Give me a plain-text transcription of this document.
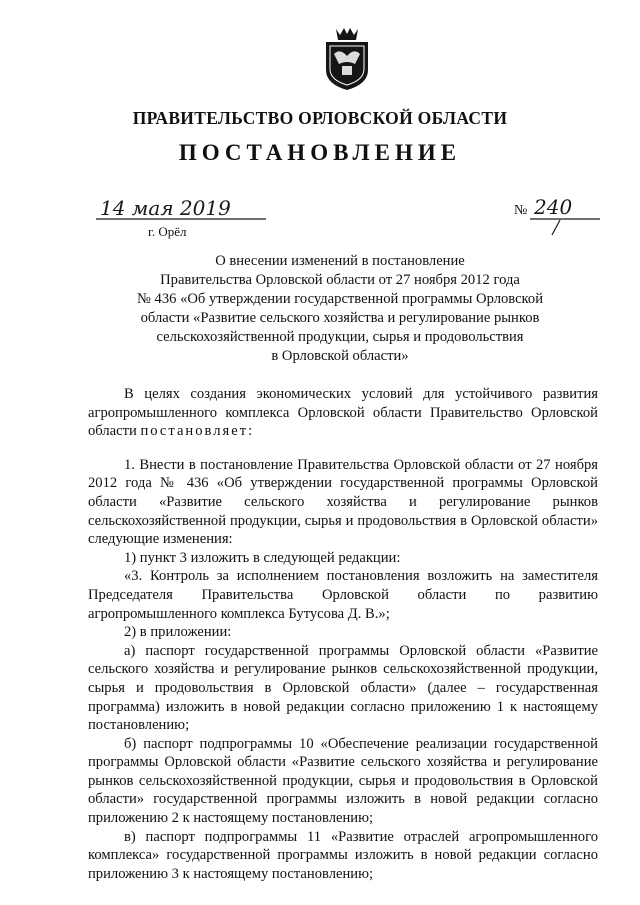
ПРАВИТЕЛЬСТВО ОРЛОВСКОЙ ОБЛАСТИ
ПОСТАНОВЛЕНИЕ
14 мая 2019
г. Орёл
№ 240
О внесении изменений в постановление
Правительства Орловской области от 27 ноября 2012 года
№ 436 «Об утверждении государственной программы Орловской
области «Развитие сельского хозяйства и регулирование рынков
сельскохозяйственной продукции, сырья и продовольствия
в Орловской области»

В целях создания экономических условий для устойчивого развития агропромышленного комплекса Орловской области Правительство Орловской области постановляет:

1. Внести в постановление Правительства Орловской области от 27 ноября 2012 года № 436 «Об утверждении государственной программы Орловской области «Развитие сельского хозяйства и регулирование рынков сельскохозяйственной продукции, сырья и продовольствия в Орловской области» следующие изменения:

1) пункт 3 изложить в следующей редакции:

«3. Контроль за исполнением постановления возложить на заместителя Председателя Правительства Орловской области по развитию агропромышленного комплекса Бутусова Д. В.»;

2) в приложении:

а) паспорт государственной программы Орловской области «Развитие сельского хозяйства и регулирование рынков сельскохозяйственной продукции, сырья и продовольствия в Орловской области» (далее – государственная программа) изложить в новой редакции согласно приложению 1 к настоящему постановлению;

б) паспорт подпрограммы 10 «Обеспечение реализации государственной программы Орловской области «Развитие сельского хозяйства и регулирование рынков сельскохозяйственной продукции, сырья и продовольствия в Орловской области» государственной программы изложить в новой редакции согласно приложению 2 к настоящему постановлению;

в) паспорт подпрограммы 11 «Развитие отраслей агропромышленного комплекса» государственной программы изложить в новой редакции согласно приложению 3 к настоящему постановлению;
